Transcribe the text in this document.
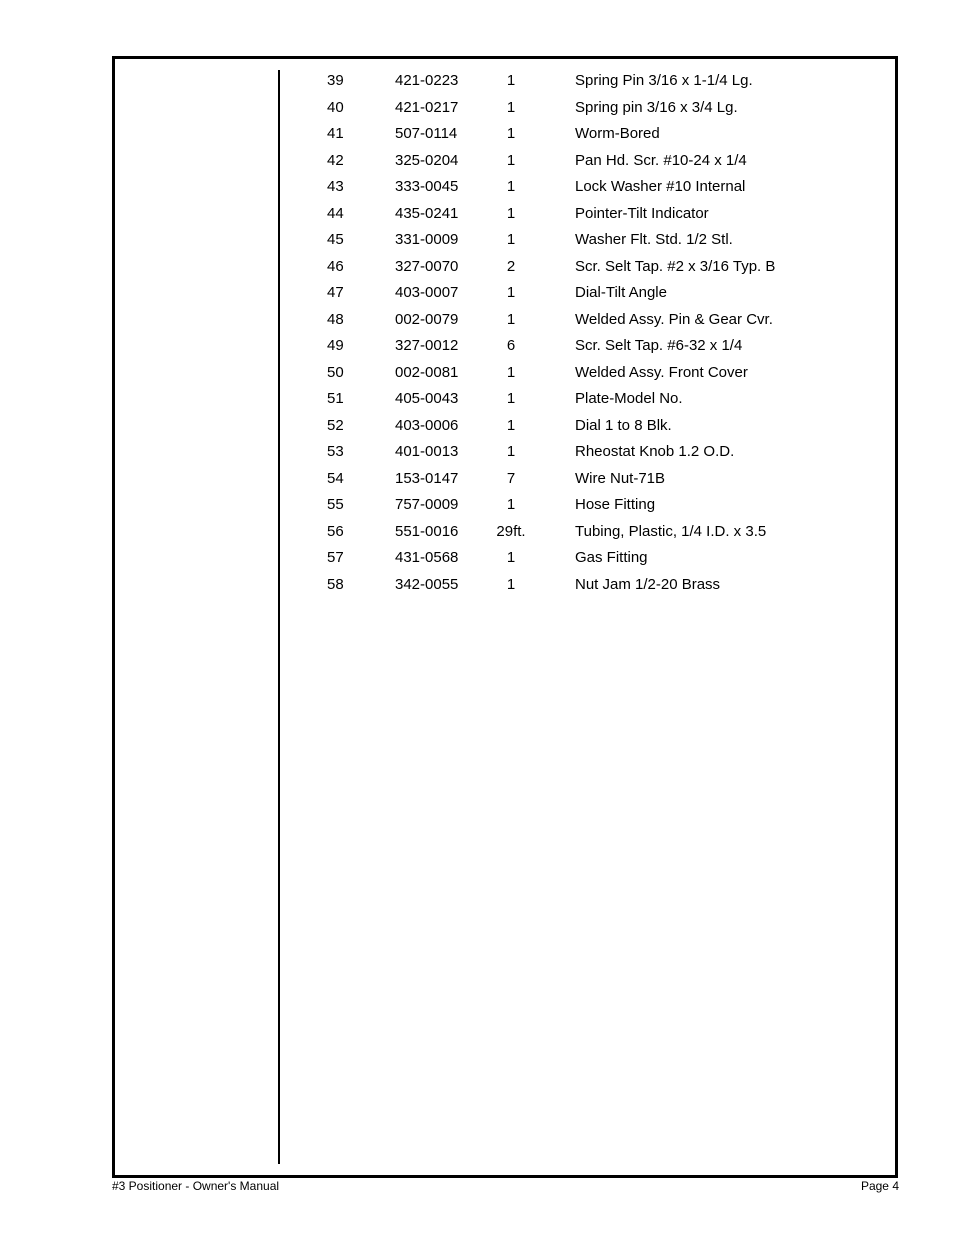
39	421-0223	1	Spring Pin 3/16 x 1-1/4 Lg.
40	421-0217	1	Spring pin 3/16 x 3/4 Lg.
41	507-0114	1	Worm-Bored
42	325-0204	1	Pan Hd. Scr. #10-24 x 1/4
43	333-0045	1	Lock Washer #10 Internal
44	435-0241	1	Pointer-Tilt Indicator
45	331-0009	1	Washer Flt. Std. 1/2 Stl.
46	327-0070	2	Scr. Selt Tap. #2 x 3/16 Typ. B
47	403-0007	1	Dial-Tilt Angle
48	002-0079	1	Welded Assy. Pin & Gear Cvr.
49	327-0012	6	Scr. Selt Tap. #6-32 x 1/4
50	002-0081	1	Welded Assy. Front Cover
51	405-0043	1	Plate-Model No.
52	403-0006	1	Dial 1 to 8 Blk.
53	401-0013	1	Rheostat Knob 1.2 O.D.
54	153-0147	7	Wire Nut-71B
55	757-0009	1	Hose Fitting
56	551-0016	29ft.	Tubing, Plastic, 1/4 I.D. x 3.5
57	431-0568	1	Gas Fitting
58	342-0055	1	Nut Jam 1/2-20 Brass
#3 Positioner - Owner's Manual	Page 4
